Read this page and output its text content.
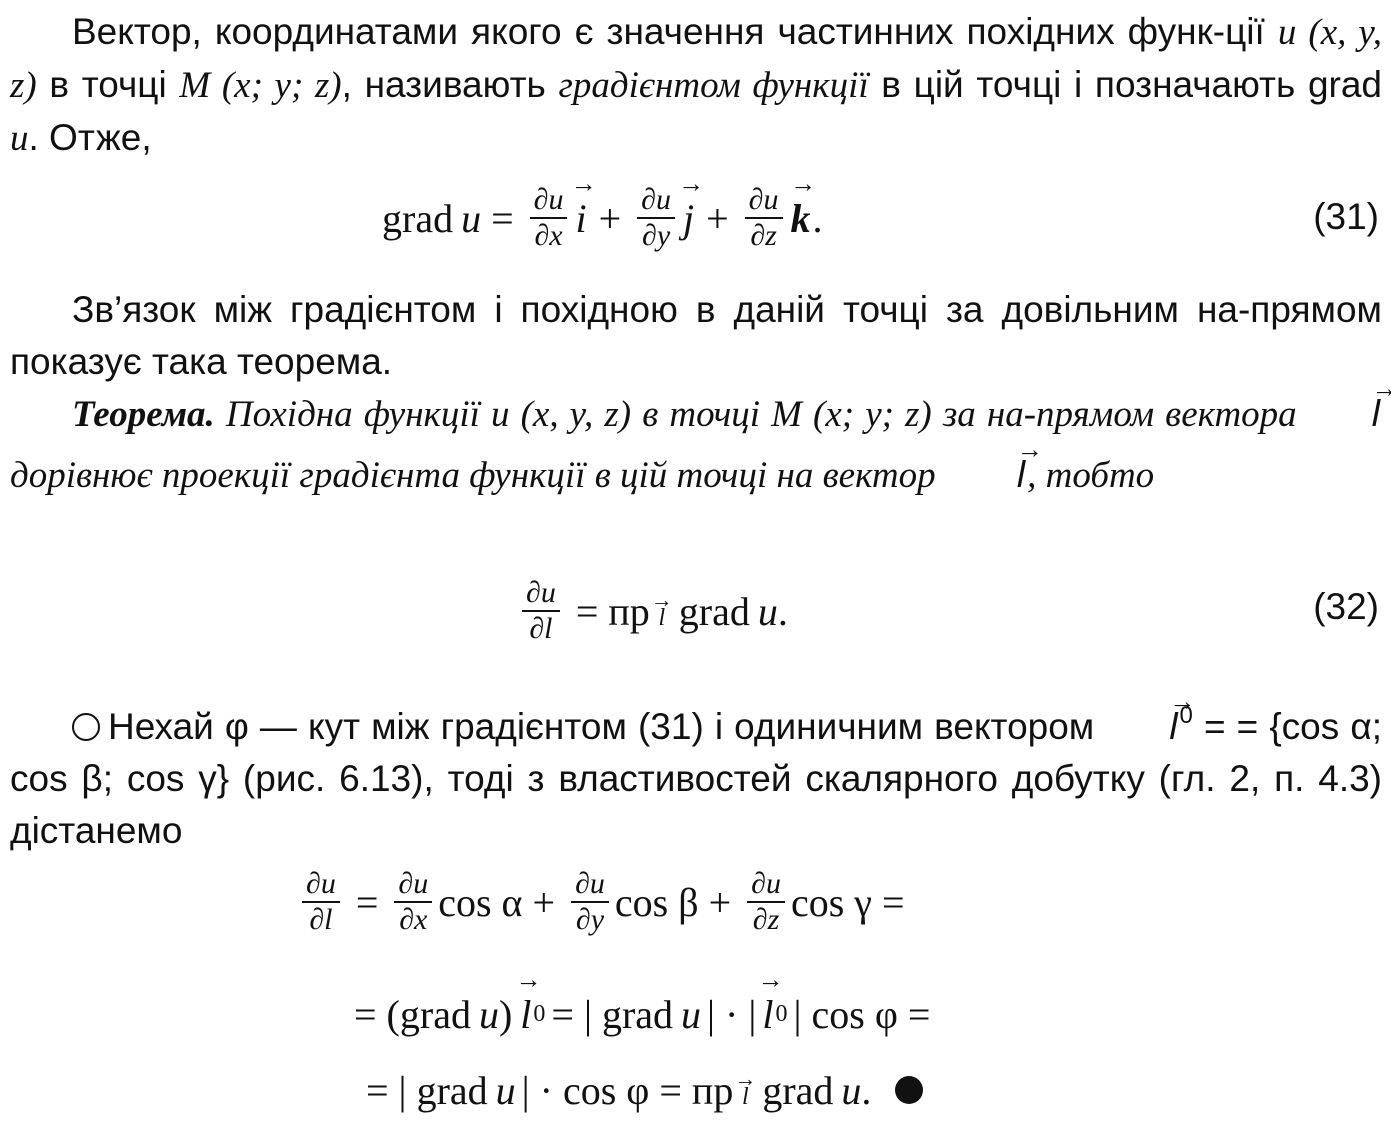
Вектор, координатами якого є значення частинних похідних функ-ції u (x, y, z) в точці M (x; y; z), називають градієнтом функції в цій точці і позначають grad u. Отже,

grad $u = \frac{\partial u}{\partial x}$
→ $i + \frac{\partial u}{\partial y}$
→ $j + \frac{\partial u}{\partial z}$
→ k .	(31)

Зв’язок між градієнтом і похідною в даній точці за довільним на-прямом показує така теорема.

Теорема. Похідна функції u (x, y, z) в точці M (x; y; z) за на-прямом вектора → l дорівнює проекції градієнта функції в цій точці на вектор → l, тобто

$\frac{\partial u}{\partial l}$ = пр →
l grad u .	(32)

Нехай φ — кут між градієнтом (31) і одиничним вектором → $l^0$ = = {cos α; cos β; cos γ} (рис. 6.13), тоді з властивостей скалярного добутку (гл. 2, п. 4.3) дістанемо

$\frac{\partial u}{\partial l} = \frac{\partial u}{\partial x}$ $\cos \alpha + \frac{\partial u}{\partial y}$ $\cos \beta + \frac{\partial u}{\partial z}$ cos γ =
= (grad u )
→ l 0 = | grad u | · |
→ l 0 | cos φ =
= | grad u | · cos φ = пр →
l grad u .
